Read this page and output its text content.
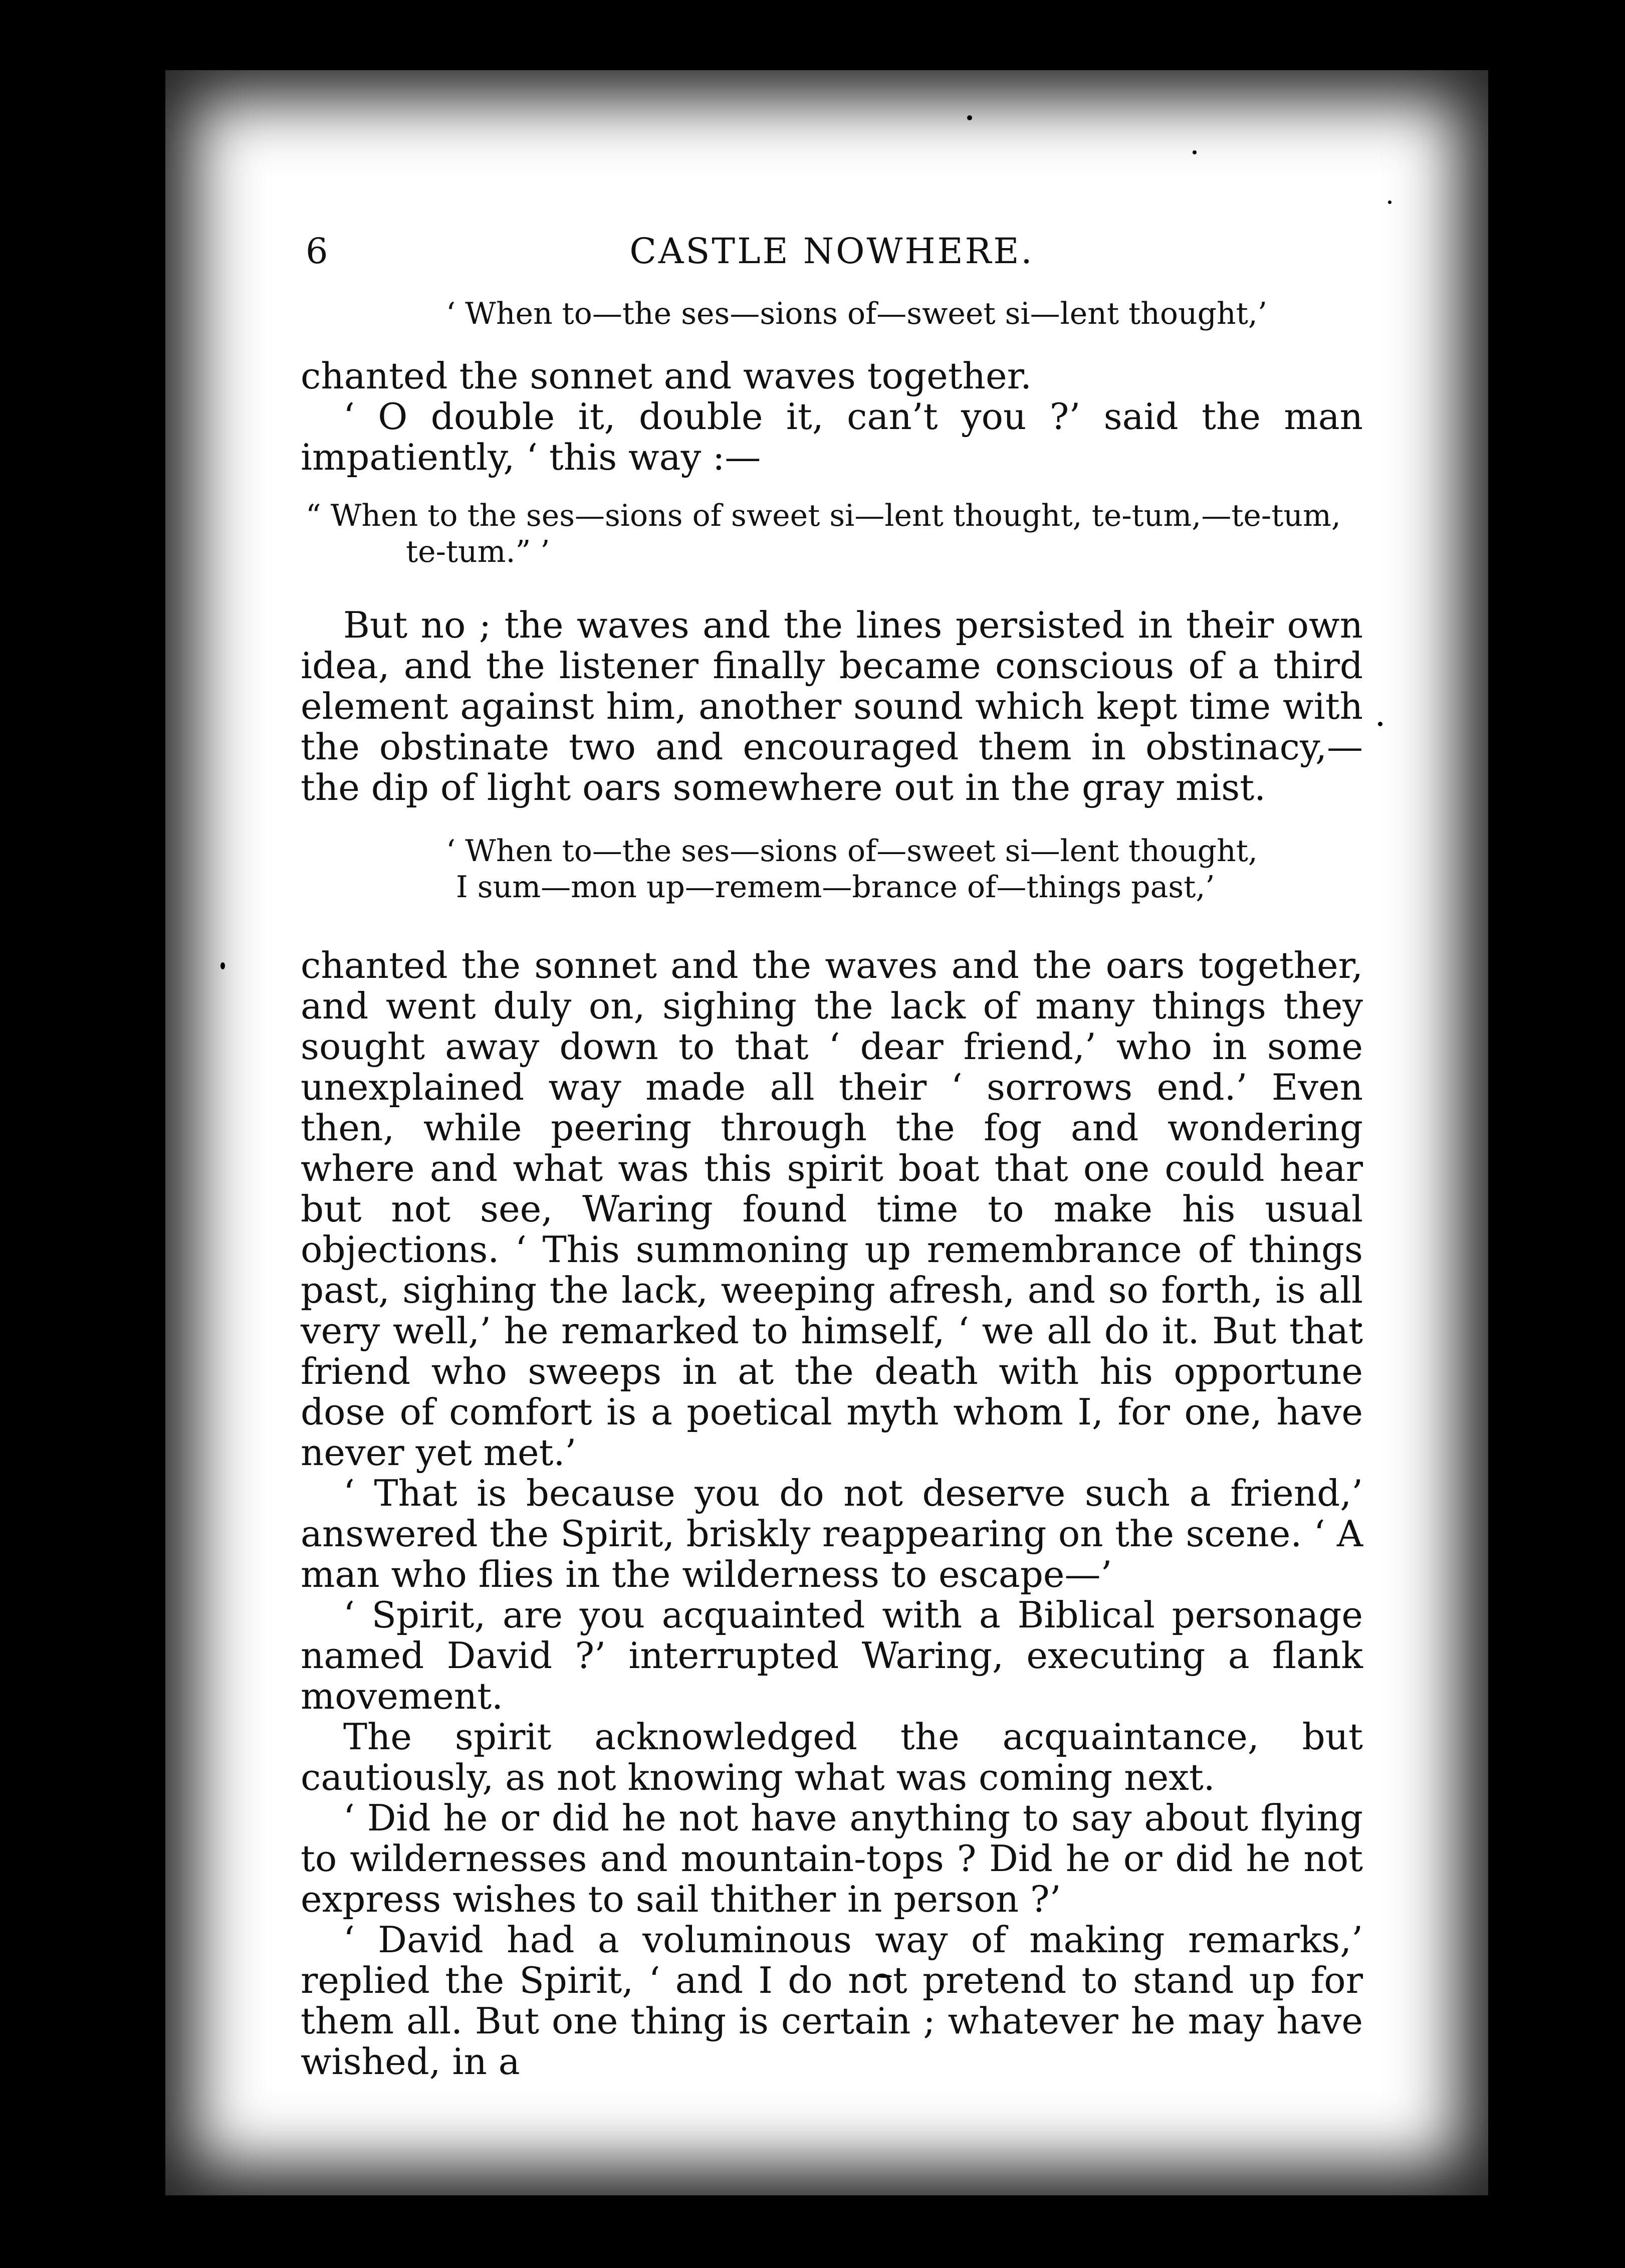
6	CASTLE NOWHERE.

‘ When to—the ses—sions of—sweet si—lent thought,’

chanted the sonnet and waves together.

‘ O double it, double it, can’t you ?’ said the man impatiently, ‘ this way :—

“ When to the ses—sions of sweet si—lent thought, te-tum,—te-tum,
te-tum.” ’

But no ; the waves and the lines persisted in their own idea, and the listener finally became conscious of a third element against him, another sound which kept time with the obstinate two and encouraged them in obstinacy,—the dip of light oars somewhere out in the gray mist.

‘ When to—the ses—sions of—sweet si—lent thought,
I sum—mon up—remem—brance of—things past,’

chanted the sonnet and the waves and the oars together, and went duly on, sighing the lack of many things they sought away down to that ‘ dear friend,’ who in some unexplained way made all their ‘ sorrows end.’ Even then, while peering through the fog and wondering where and what was this spirit boat that one could hear but not see, Waring found time to make his usual objections. ‘ This summoning up remembrance of things past, sighing the lack, weeping afresh, and so forth, is all very well,’ he remarked to himself, ‘ we all do it. But that friend who sweeps in at the death with his opportune dose of comfort is a poetical myth whom I, for one, have never yet met.’

‘ That is because you do not deserve such a friend,’ answered the Spirit, briskly reappearing on the scene. ‘ A man who flies in the wilderness to escape—’

‘ Spirit, are you acquainted with a Biblical personage named David ?’ interrupted Waring, executing a flank movement.

The spirit acknowledged the acquaintance, but cautiously, as not knowing what was coming next.

‘ Did he or did he not have anything to say about flying to wildernesses and mountain-tops ? Did he or did he not express wishes to sail thither in person ?’

‘ David had a voluminous way of making remarks,’ replied the Spirit, ‘ and I do not pretend to stand up for them all. But one thing is certain ; whatever he may have wished, in a
